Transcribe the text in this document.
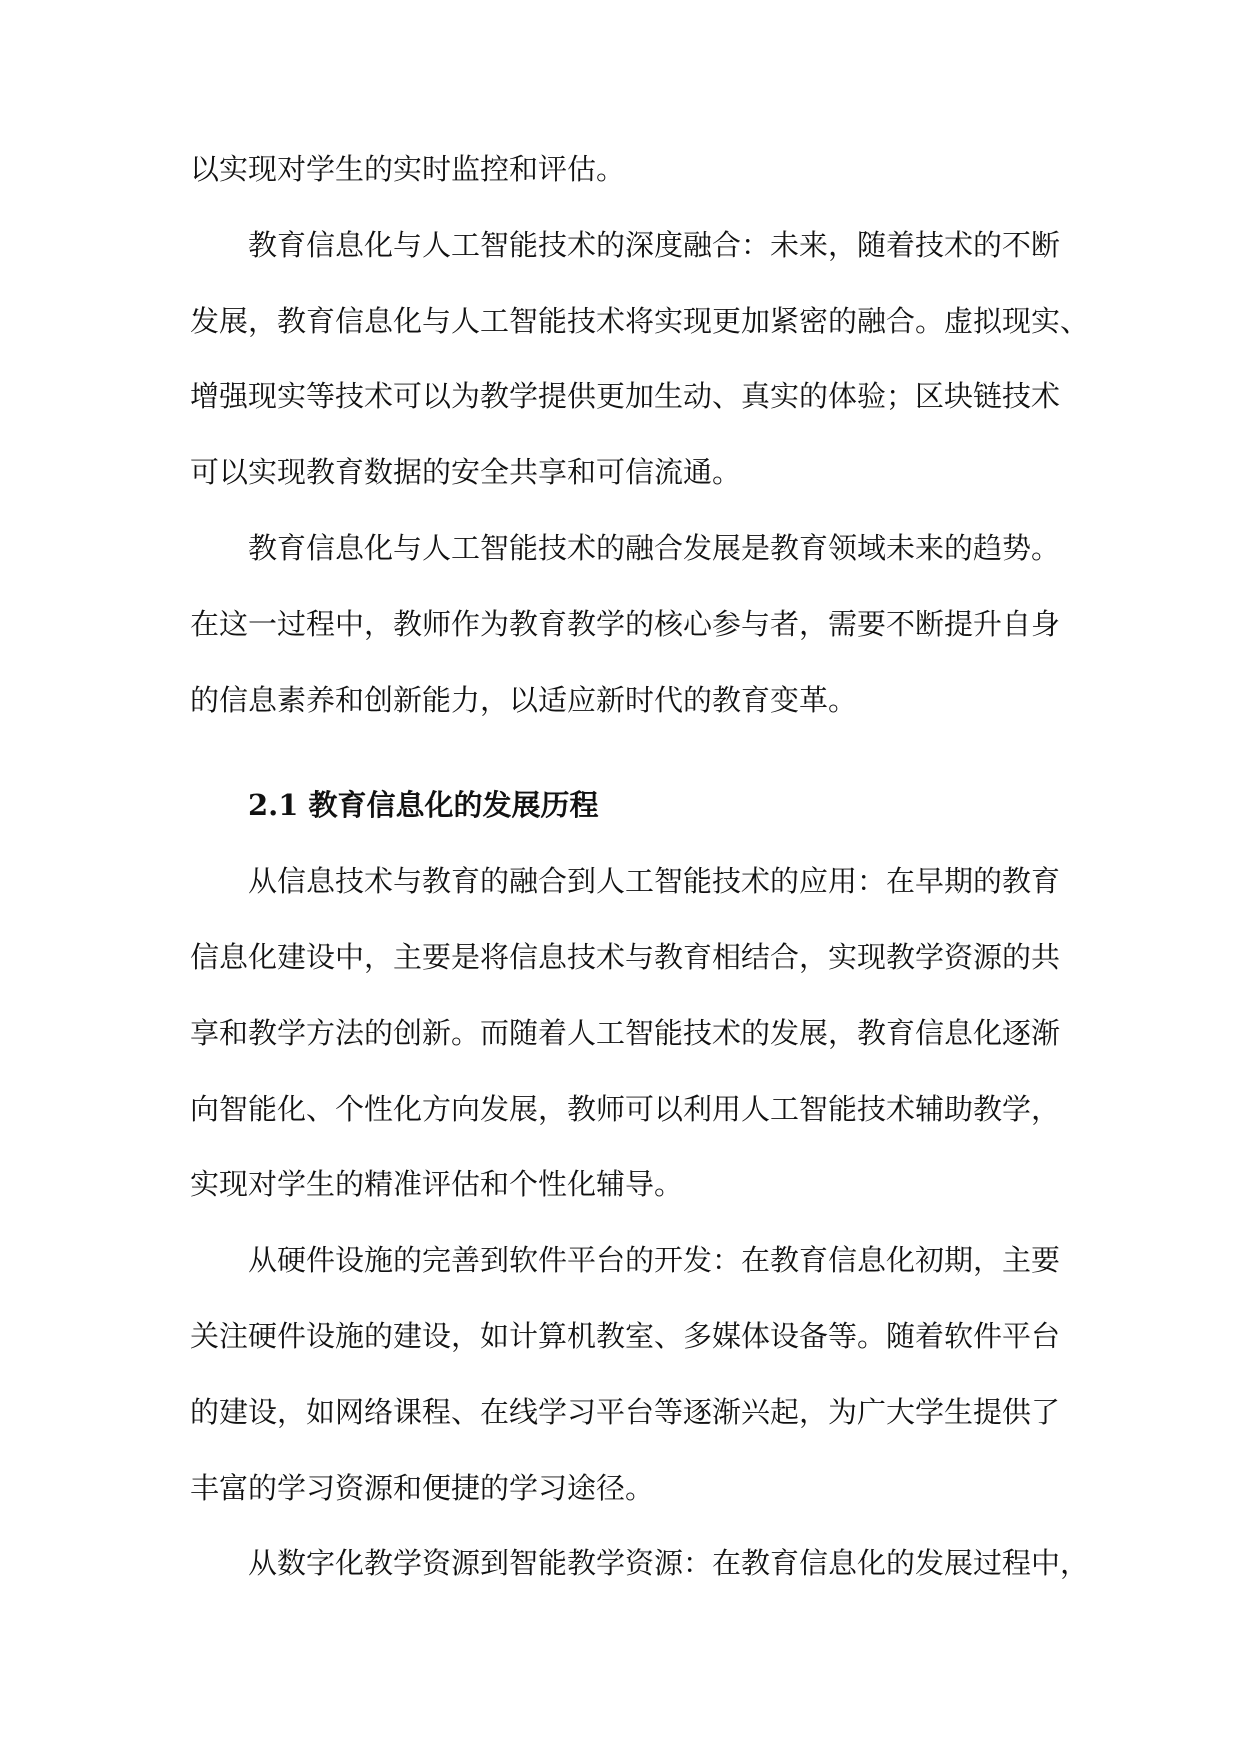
以实现对学生的实时监控和评估。
教育信息化与人工智能技术的深度融合：未来，随着技术的不断
发展，教育信息化与人工智能技术将实现更加紧密的融合。虚拟现实、
增强现实等技术可以为教学提供更加生动、真实的体验；区块链技术
可以实现教育数据的安全共享和可信流通。
教育信息化与人工智能技术的融合发展是教育领域未来的趋势。
在这一过程中，教师作为教育教学的核心参与者，需要不断提升自身
的信息素养和创新能力，以适应新时代的教育变革。
2.1 教育信息化的发展历程
从信息技术与教育的融合到人工智能技术的应用：在早期的教育
信息化建设中，主要是将信息技术与教育相结合，实现教学资源的共
享和教学方法的创新。而随着人工智能技术的发展，教育信息化逐渐
向智能化、个性化方向发展，教师可以利用人工智能技术辅助教学，
实现对学生的精准评估和个性化辅导。
从硬件设施的完善到软件平台的开发：在教育信息化初期，主要
关注硬件设施的建设，如计算机教室、多媒体设备等。随着软件平台
的建设，如网络课程、在线学习平台等逐渐兴起，为广大学生提供了
丰富的学习资源和便捷的学习途径。
从数字化教学资源到智能教学资源：在教育信息化的发展过程中，
